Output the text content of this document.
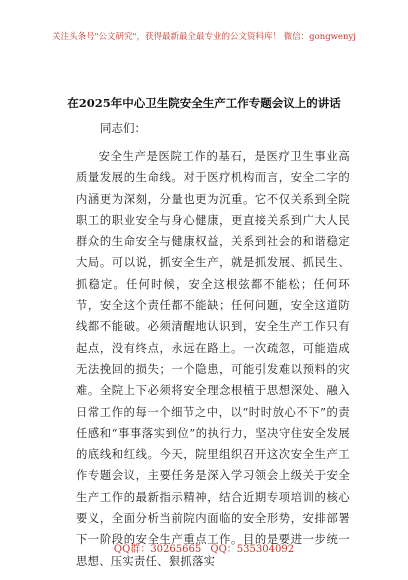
关注头条号"公文研究"，获得最新最全最专业的公文资料库！ 微信：gongwenyj
在2025年中心卫生院安全生产工作专题会议上的讲话
同志们：
安全生产是医院工作的基石，是医疗卫生事业高质量发展的生命线。对于医疗机构而言，安全二字的内涵更为深刻，分量也更为沉重。它不仅关系到全院职工的职业安全与身心健康，更直接关系到广大人民群众的生命安全与健康权益，关系到社会的和谐稳定大局。可以说，抓安全生产，就是抓发展、抓民生、抓稳定。任何时候，安全这根弦都不能松；任何环节，安全这个责任都不能缺；任何问题，安全这道防线都不能破。必须清醒地认识到，安全生产工作只有起点，没有终点，永远在路上。一次疏忽，可能造成无法挽回的损失；一个隐患，可能引发难以预料的灾难。全院上下必须将安全理念根植于思想深处、融入日常工作的每一个细节之中，以“时时放心不下”的责任感和“事事落实到位”的执行力，坚决守住安全发展的底线和红线。今天，院里组织召开这次安全生产工作专题会议，主要任务是深入学习领会上级关于安全生产工作的最新指示精神，结合近期专项培训的核心要义，全面分析当前院内面临的安全形势，安排部署下一阶段的安全生产重点工作。目的是要进一步统一思想、压实责任、狠抓落实
QQ群：30265665 QQ：535304092
